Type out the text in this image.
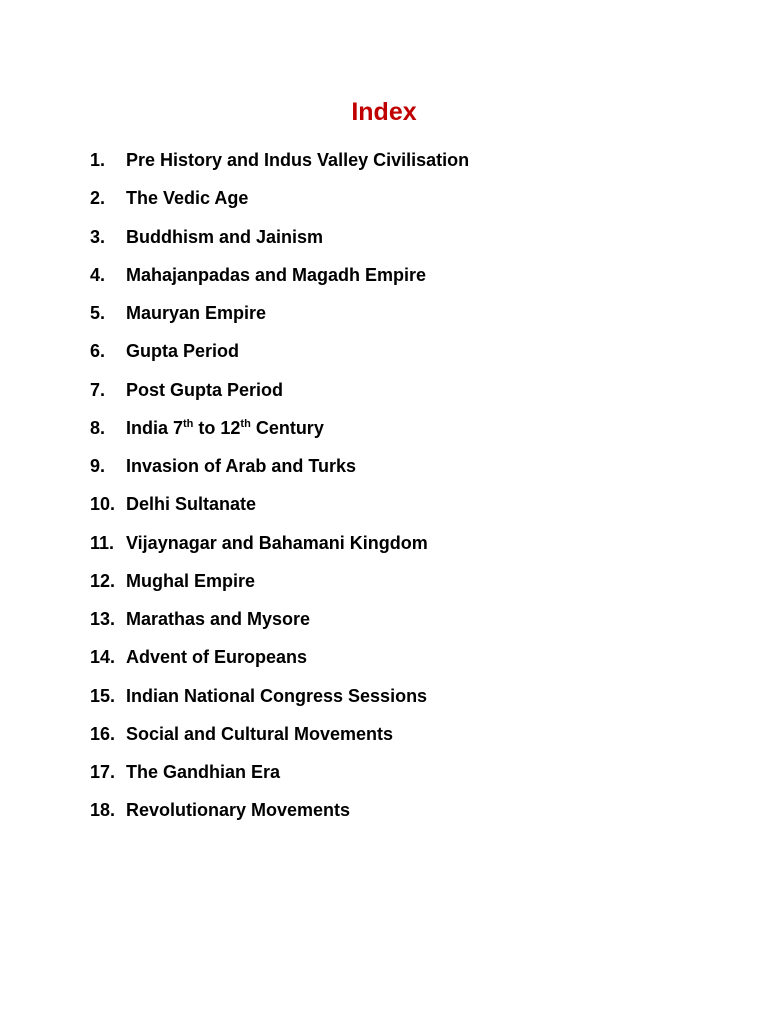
Index
1.	Pre History and Indus Valley Civilisation
2.	The Vedic Age
3.	Buddhism and Jainism
4.	Mahajanpadas and Magadh Empire
5.	Mauryan Empire
6.	Gupta Period
7.	Post Gupta Period
8.	India 7th to 12th Century
9.	Invasion of Arab and Turks
10. Delhi Sultanate
11. Vijaynagar and Bahamani Kingdom
12. Mughal Empire
13. Marathas and Mysore
14. Advent of Europeans
15. Indian National Congress Sessions
16. Social and Cultural Movements
17. The Gandhian Era
18. Revolutionary Movements
